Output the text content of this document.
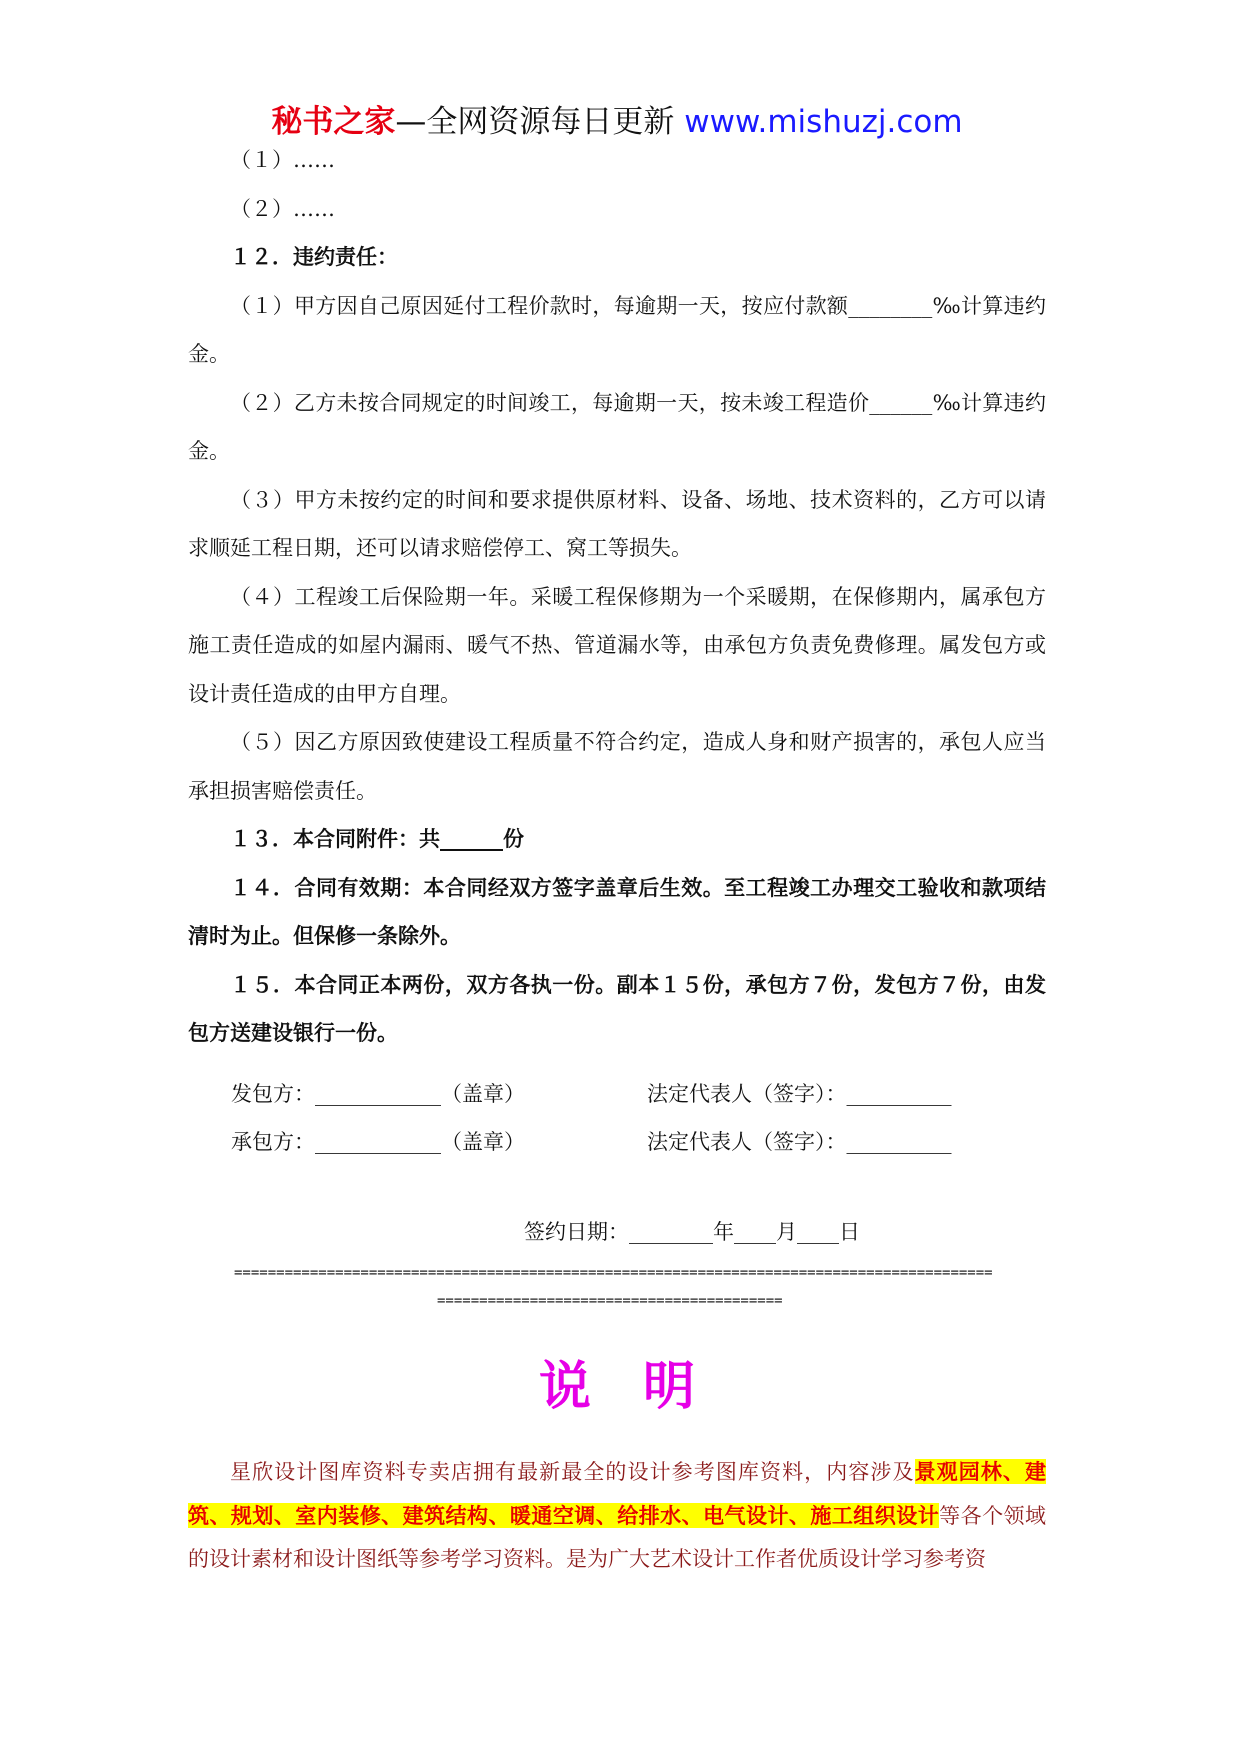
秘书之家—全网资源每日更新 www.mishuzj.com

（１）……

（２）……

１２．违约责任：

（１）甲方因自己原因延付工程价款时，每逾期一天，按应付款额________‰计算违约金。

（２）乙方未按合同规定的时间竣工，每逾期一天，按未竣工程造价______‰计算违约金。

（３）甲方未按约定的时间和要求提供原材料、设备、场地、技术资料的，乙方可以请求顺延工程日期，还可以请求赔偿停工、窝工等损失。

（４）工程竣工后保险期一年。采暖工程保修期为一个采暖期，在保修期内，属承包方施工责任造成的如屋内漏雨、暖气不热、管道漏水等，由承包方负责免费修理。属发包方或设计责任造成的由甲方自理。

（５）因乙方原因致使建设工程质量不符合约定，造成人身和财产损害的，承包人应当承担损害赔偿责任。

１３．本合同附件：共______份

１４．合同有效期：本合同经双方签字盖章后生效。至工程竣工办理交工验收和款项结清时为止。但保修一条除外。

１５．本合同正本两份，双方各执一份。副本１５份，承包方７份，发包方７份，由发包方送建设银行一份。

发包方：____________（盖章）	法定代表人（签字）：__________
承包方：____________（盖章）	法定代表人（签字）：__________
签约日期：________年____月____日
==========================================================================================
=========================================
说　明
星欣设计图库资料专卖店拥有最新最全的设计参考图库资料，内容涉及景观园林、建筑、规划、室内装修、建筑结构、暖通空调、给排水、电气设计、施工组织设计等各个领域的设计素材和设计图纸等参考学习资料。是为广大艺术设计工作者优质设计学习参考资
